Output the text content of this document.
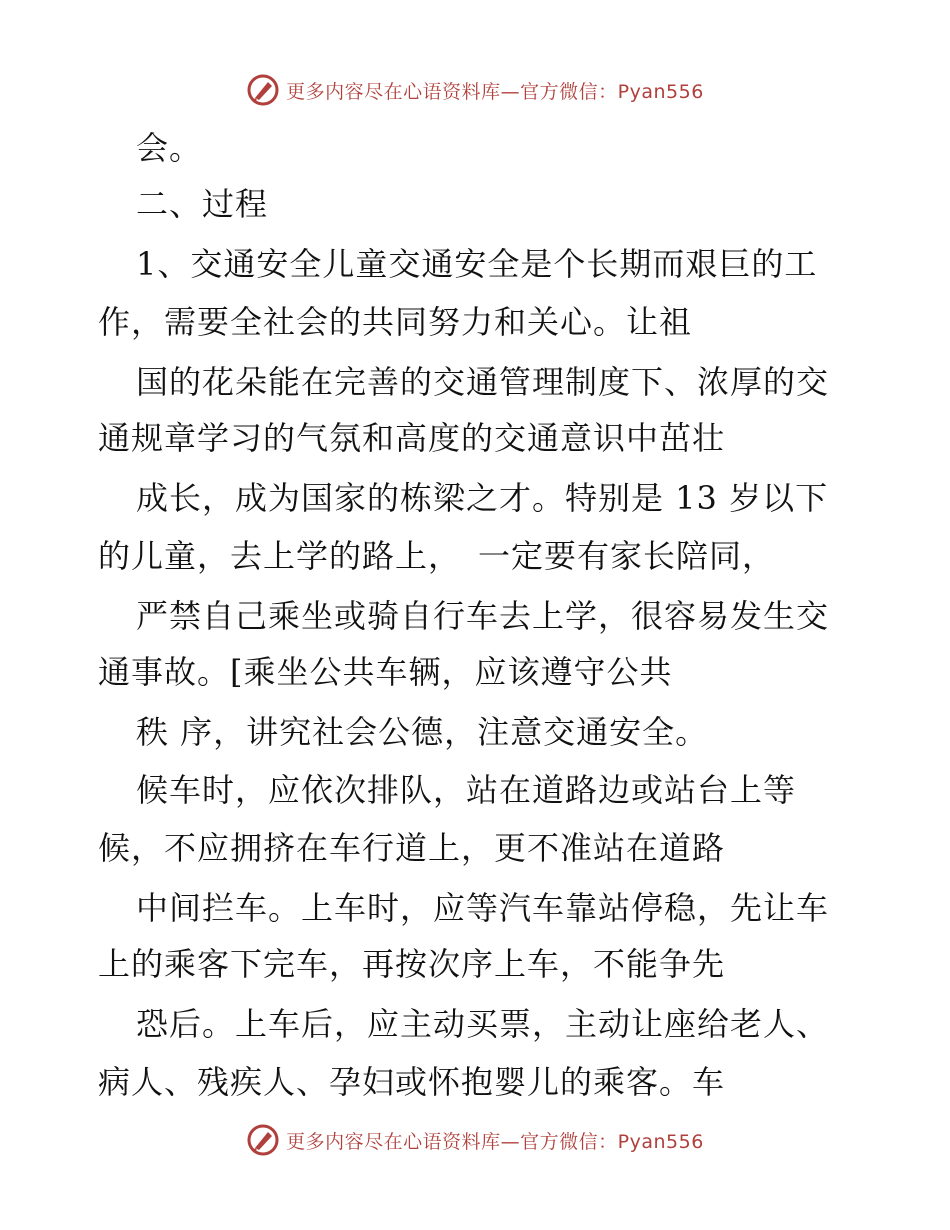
更多内容尽在心语资料库—官方微信：Pyan556
会。
二、过程
1、交通安全儿童交通安全是个长期而艰巨的工
作，需要全社会的共同努力和关心。让祖
国的花朵能在完善的交通管理制度下、浓厚的交
通规章学习的气氛和高度的交通意识中茁壮
成长，成为国家的栋梁之才。特别是 13 岁以下
的儿童，去上学的路上，　一定要有家长陪同，
严禁自己乘坐或骑自行车去上学，很容易发生交
通事故。[乘坐公共车辆，应该遵守公共
秩 序，讲究社会公德，注意交通安全。
候车时，应依次排队，站在道路边或站台上等
候，不应拥挤在车行道上，更不准站在道路
中间拦车。上车时，应等汽车靠站停稳，先让车
上的乘客下完车，再按次序上车，不能争先
恐后。上车后，应主动买票，主动让座给老人、
病人、残疾人、孕妇或怀抱婴儿的乘客。车
更多内容尽在心语资料库—官方微信：Pyan556
